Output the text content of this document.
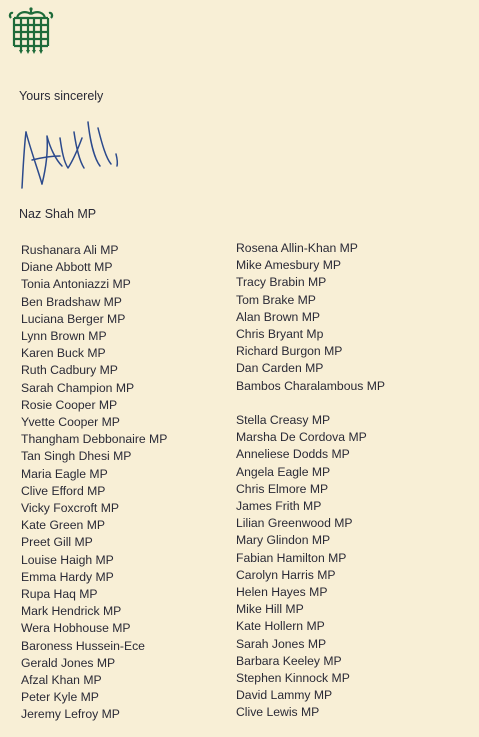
Yours sincerely
Naz Shah MP
Rushanara Ali MP
Diane Abbott MP
Tonia Antoniazzi MP
Ben Bradshaw MP
Luciana Berger MP
Lynn Brown MP
Karen Buck MP
Ruth Cadbury MP
Sarah Champion MP
Rosie Cooper MP
Yvette Cooper MP
Thangham Debbonaire MP
Tan Singh Dhesi MP
Maria Eagle MP
Clive Efford MP
Vicky Foxcroft MP
Kate Green MP
Preet Gill MP
Louise Haigh MP
Emma Hardy MP
Rupa Haq MP
Mark Hendrick MP
Wera Hobhouse MP
Baroness Hussein-Ece
Gerald Jones MP
Afzal Khan MP
Peter Kyle MP
Jeremy Lefroy MP
Rosena Allin-Khan MP
Mike Amesbury MP
Tracy Brabin MP
Tom Brake MP
Alan Brown MP
Chris Bryant Mp
Richard Burgon MP
Dan Carden MP
Bambos Charalambous MP
Stella Creasy MP
Marsha De Cordova MP
Anneliese Dodds MP
Angela Eagle MP
Chris Elmore MP
James Frith MP
Lilian Greenwood MP
Mary Glindon MP
Fabian Hamilton MP
Carolyn Harris MP
Helen Hayes MP
Mike Hill MP
Kate Hollern MP
Sarah Jones MP
Barbara Keeley MP
Stephen Kinnock MP
David Lammy MP
Clive Lewis MP
